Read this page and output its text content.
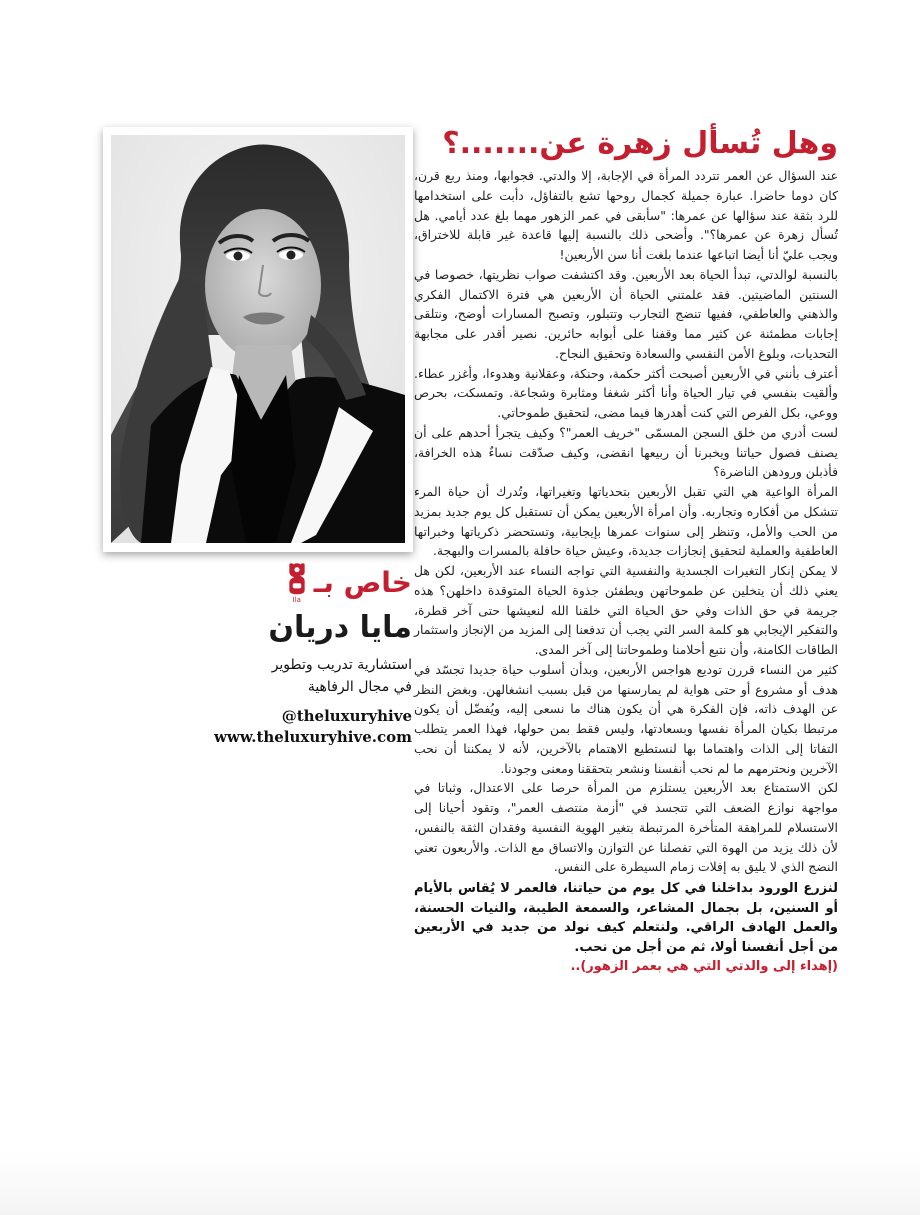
وهل تُسأل زهرة عن.......؟

عند السؤال عن العمر تتردد المرأة في الإجابة، إلا والدتي. فجوابها، ومنذ ربع قرن، كان دوما حاضرا. عبارة جميلة كجمال روحها تشع بالتفاؤل، دأبت على استخدامها للرد بثقة عند سؤالها عن عمرها: "سأبقى في عمر الزهور مهما بلغ عدد أيامي. هل تُسأل زهرة عن عمرها؟". وأضحى ذلك بالنسبة إليها قاعدة غير قابلة للاختراق، ويجب عليّ أنا أيضا اتباعها عندما بلغت أنا سن الأربعين!

بالنسبة لوالدتي، تبدأ الحياة بعد الأربعين. وقد اكتشفت صواب نظريتها، خصوصا في السنتين الماضيتين. فقد علمتني الحياة أن الأربعين هي فترة الاكتمال الفكري والذهني والعاطفي، ففيها تنضج التجارب وتتبلور، وتصبح المسارات أوضح، ونتلقى إجابات مطمئنة عن كثير مما وقفنا على أبوابه حائرين. نصير أقدر على مجابهة التحديات، وبلوغ الأمن النفسي والسعادة وتحقيق النجاح.

أعترف بأنني في الأربعين أصبحت أكثر حكمة، وحنكة، وعقلانية وهدوءا، وأغزر عطاء. وألقيت بنفسي في تيار الحياة وأنا أكثر شغفا ومثابرة وشجاعة. وتمسكت، بحرص ووعي، بكل الفرص التي كنت أهدرها فيما مضى، لتحقيق طموحاتي.

لست أدري من خلق السجن المسمّى "خريف العمر"؟ وكيف يتجرأ أحدهم على أن يصنف فصول حياتنا ويخبرنا أن ربيعها انقضى، وكيف صدّقت نساءٌ هذه الخرافة، فأذبلن ورودهن الناضرة؟

المرأة الواعية هي التي تقبل الأربعين بتحدياتها وتغيراتها، وتُدرك أن حياة المرء تتشكل من أفكاره وتجاربه. وأن امرأة الأربعين يمكن أن تستقبل كل يوم جديد بمزيد من الحب والأمل، وتنظر إلى سنوات عمرها بإيجابية، وتستحضر ذكرياتها وخبراتها العاطفية والعملية لتحقيق إنجازات جديدة، وعيش حياة حافلة بالمسرات والبهجة.

لا يمكن إنكار التغيرات الجسدية والنفسية التي تواجه النساء عند الأربعين، لكن هل يعني ذلك أن يتخلين عن طموحاتهن ويطفئن جذوة الحياة المتوقدة داخلهن؟ هذه جريمة في حق الذات وفي حق الحياة التي خلقنا الله لنعيشها حتى آخر قطرة، والتفكير الإيجابي هو كلمة السر التي يجب أن تدفعنا إلى المزيد من الإنجاز واستثمار الطاقات الكامنة، وأن نتبع أحلامنا وطموحاتنا إلى آخر المدى.

كثير من النساء قررن توديع هواجس الأربعين، وبدأن أسلوب حياة جديدا تجسّد في هدف أو مشروع أو حتى هواية لم يمارسنها من قبل بسبب انشغالهن. وبغض النظر عن الهدف ذاته، فإن الفكرة هي أن يكون هناك ما نسعى إليه، ويُفضّل أن يكون مرتبطا بكيان المرأة نفسها وبسعادتها، وليس فقط بمن حولها، فهذا العمر يتطلب التفاتا إلى الذات واهتماما بها لنستطيع الاهتمام بالآخرين، لأنه لا يمكننا أن نحب الآخرين ونحترمهم ما لم نحب أنفسنا ونشعر بتحققنا ومعنى وجودنا.

لكن الاستمتاع بعد الأربعين يستلزم من المرأة حرصا على الاعتدال، وثباتا في مواجهة نوازع الضعف التي تتجسد في "أزمة منتصف العمر"، وتقود أحيانا إلى الاستسلام للمراهقة المتأخرة المرتبطة بتغير الهوية النفسية وفقدان الثقة بالنفس، لأن ذلك يزيد من الهوة التي تفصلنا عن التوازن والاتساق مع الذات. والأربعون تعني النضج الذي لا يليق به إفلات زمام السيطرة على النفس.

لنزرع الورود بداخلنا في كل يوم من حياتنا، فالعمر لا يُقاس بالأيام أو السنين، بل بجمال المشاعر، والسمعة الطيبة، والنيات الحسنة، والعمل الهادف الراقي. ولنتعلم كيف نولد من جديد في الأربعين من أجل أنفسنا أولا، ثم من أجل من نحب.

(إهداء إلى والدتي التي هي بعمر الزهور)..

خاص بـ
Ila
مايا دريان
استشارية تدريب وتطوير
في مجال الرفاهية
@theluxuryhive
www.theluxuryhive.com
